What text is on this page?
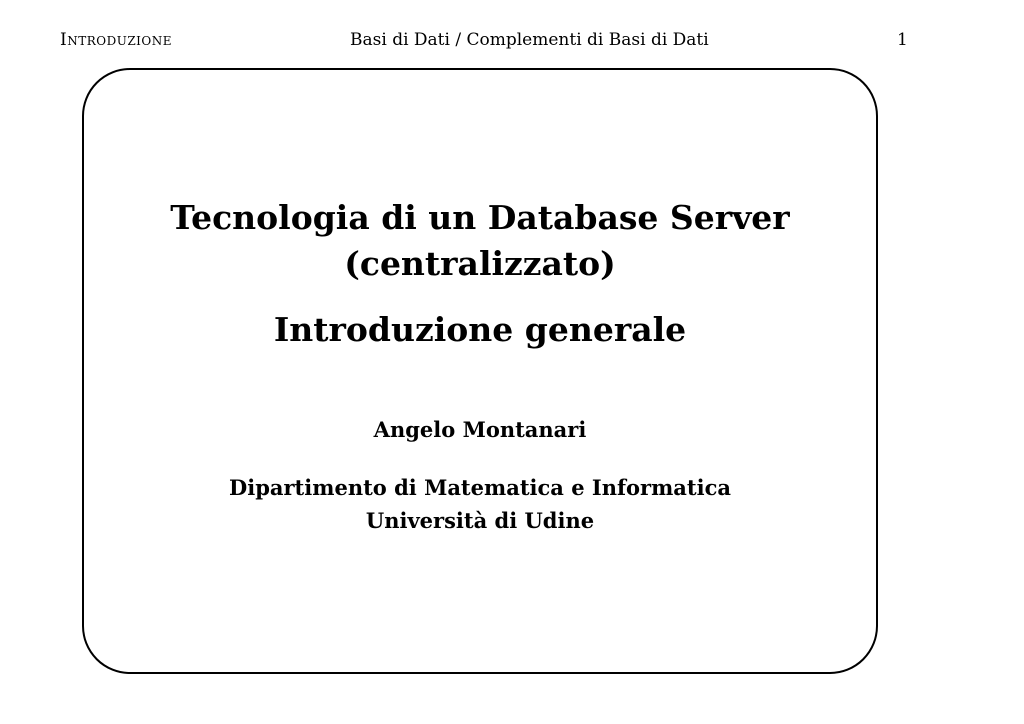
Introduzione	Basi di Dati / Complementi di Basi di Dati	1
Tecnologia di un Database Server
(centralizzato)
Introduzione generale
Angelo Montanari
Dipartimento di Matematica e Informatica
Università di Udine
